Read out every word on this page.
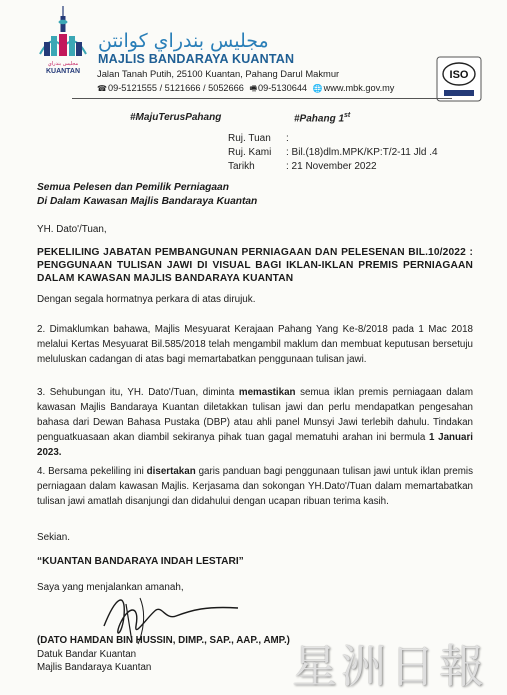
مجليس بندراي
KUANTAN
مجليس بندراي كوانتن
MAJLIS BANDARAYA KUANTAN
Jalan Tanah Putih, 25100 Kuantan, Pahang Darul Makmur
☎09-5121555 / 5121666 / 5052666 🖷09-5130644 🌐www.mbk.gov.my
ISO
#MajuTerusPahang	#Pahang 1st
Ruj. Tuan :
Ruj. Kami : Bil.(18)dlm.MPK/KP:T/2-11 Jld .4
Tarikh	: 21 November 2022
Semua Pelesen dan Pemilik Perniagaan
Di Dalam Kawasan Majlis Bandaraya Kuantan
YH. Dato'/Tuan,
PEKELILING JABATAN PEMBANGUNAN PERNIAGAAN DAN PELESENAN BIL.10/2022 : PENGGUNAAN TULISAN JAWI DI VISUAL BAGI IKLAN-IKLAN PREMIS PERNIAGAAN DALAM KAWASAN MAJLIS BANDARAYA KUANTAN
Dengan segala hormatnya perkara di atas dirujuk.
2. Dimaklumkan bahawa, Majlis Mesyuarat Kerajaan Pahang Yang Ke-8/2018 pada 1 Mac 2018 melalui Kertas Mesyuarat Bil.585/2018 telah mengambil maklum dan membuat keputusan bersetuju meluluskan cadangan di atas bagi memartabatkan penggunaan tulisan jawi.
3. Sehubungan itu, YH. Dato'/Tuan, diminta memastikan semua iklan premis perniagaan dalam kawasan Majlis Bandaraya Kuantan diletakkan tulisan jawi dan perlu mendapatkan pengesahan bahasa dari Dewan Bahasa Pustaka (DBP) atau ahli panel Munsyi Jawi terlebih dahulu. Tindakan penguatkuasaan akan diambil sekiranya pihak tuan gagal mematuhi arahan ini bermula 1 Januari 2023.
4. Bersama pekeliling ini disertakan garis panduan bagi penggunaan tulisan jawi untuk iklan premis perniagaan dalam kawasan Majlis. Kerjasama dan sokongan YH.Dato'/Tuan dalam memartabatkan tulisan jawi amatlah disanjungi dan didahului dengan ucapan ribuan terima kasih.
Sekian.
“KUANTAN BANDARAYA INDAH LESTARI”
Saya yang menjalankan amanah,
(DATO HAMDAN BIN HUSSIN, DIMP., SAP., AAP., AMP.)
Datuk Bandar Kuantan
Majlis Bandaraya Kuantan	星洲日報
